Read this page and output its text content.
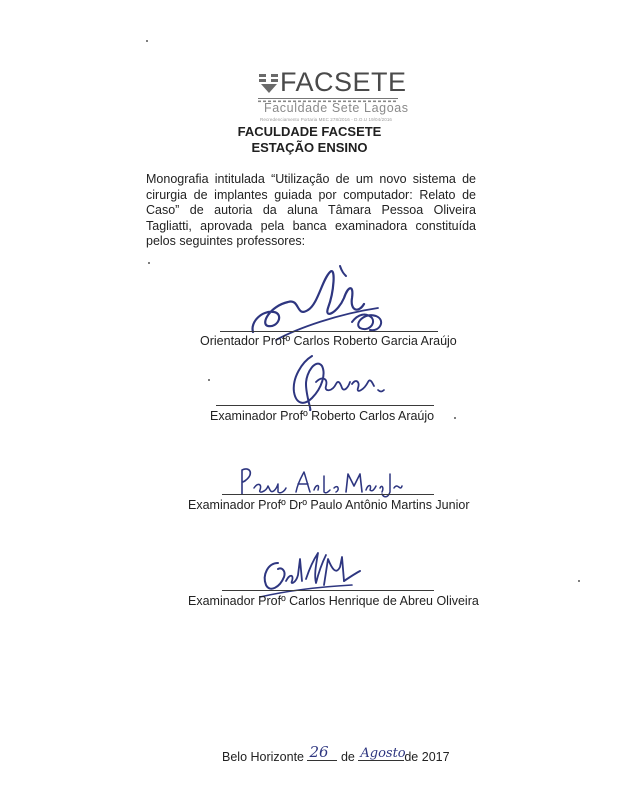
FACSETE
Faculdade Sete Lagoas
Recredenciamento Portaria MEC 278/2016 - D.O.U 19/04/2016
FACULDADE FACSETE
ESTAÇÃO ENSINO
Monografia intitulada “Utilização de um novo sistema de cirurgia de implantes guiada por computador: Relato de Caso” de autoria da aluna Tâmara Pessoa Oliveira Tagliatti, aprovada pela banca examinadora constituída pelos seguintes professores:
Orientador Profº Carlos Roberto Garcia Araújo
Examinador Profº Roberto Carlos Araújo
Examinador Profº Drº Paulo Antônio Martins Junior
Examinador Profº Carlos Henrique de Abreu Oliveira
Belo Horizonte 26 de Agosto
de 2017
